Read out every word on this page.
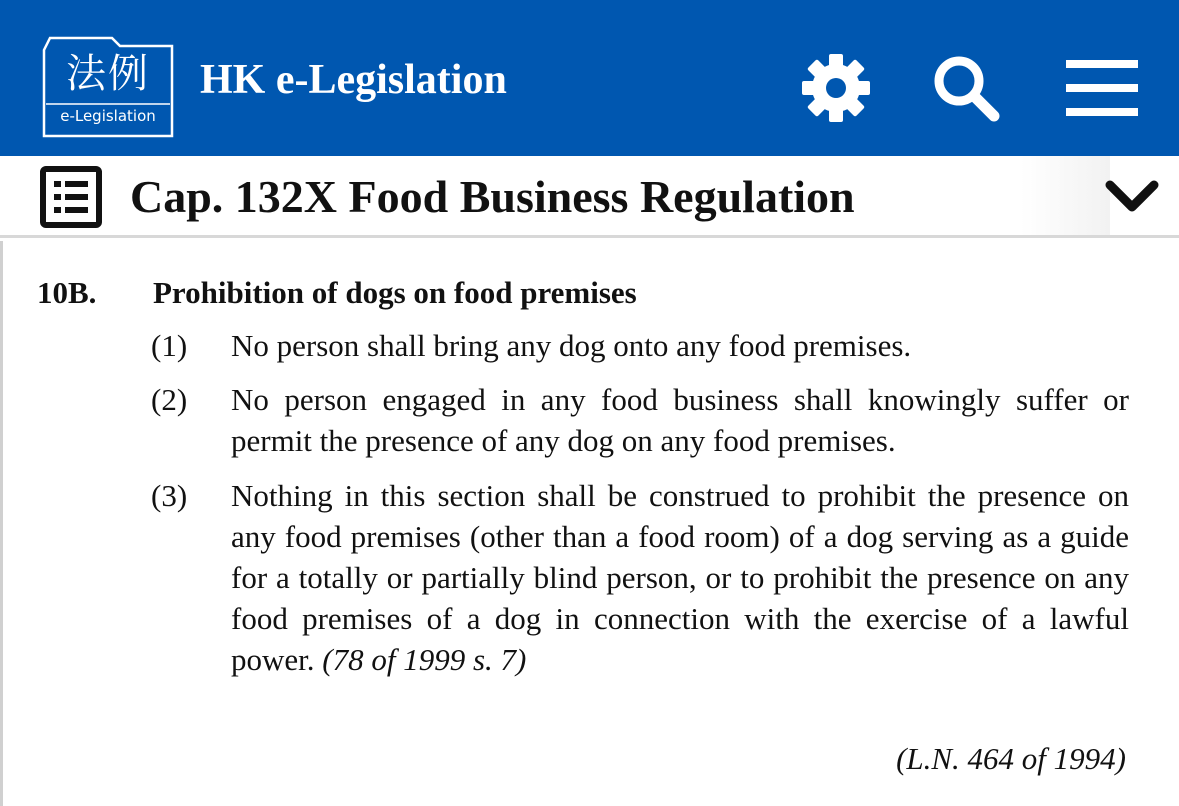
法例
e-Legislation
HK e-Legislation
Cap. 132X Food Business Regulation
10B. Prohibition of dogs on food premises
(1) No person shall bring any dog onto any food premises.
(2) No person engaged in any food business shall knowingly suffer or permit the presence of any dog on any food premises.
(3) Nothing in this section shall be construed to prohibit the presence on any food premises (other than a food room) of a dog serving as a guide for a totally or partially blind person, or to prohibit the presence on any food premises of a dog in connection with the exercise of a lawful power. (78 of 1999 s. 7)
(L.N. 464 of 1994)
